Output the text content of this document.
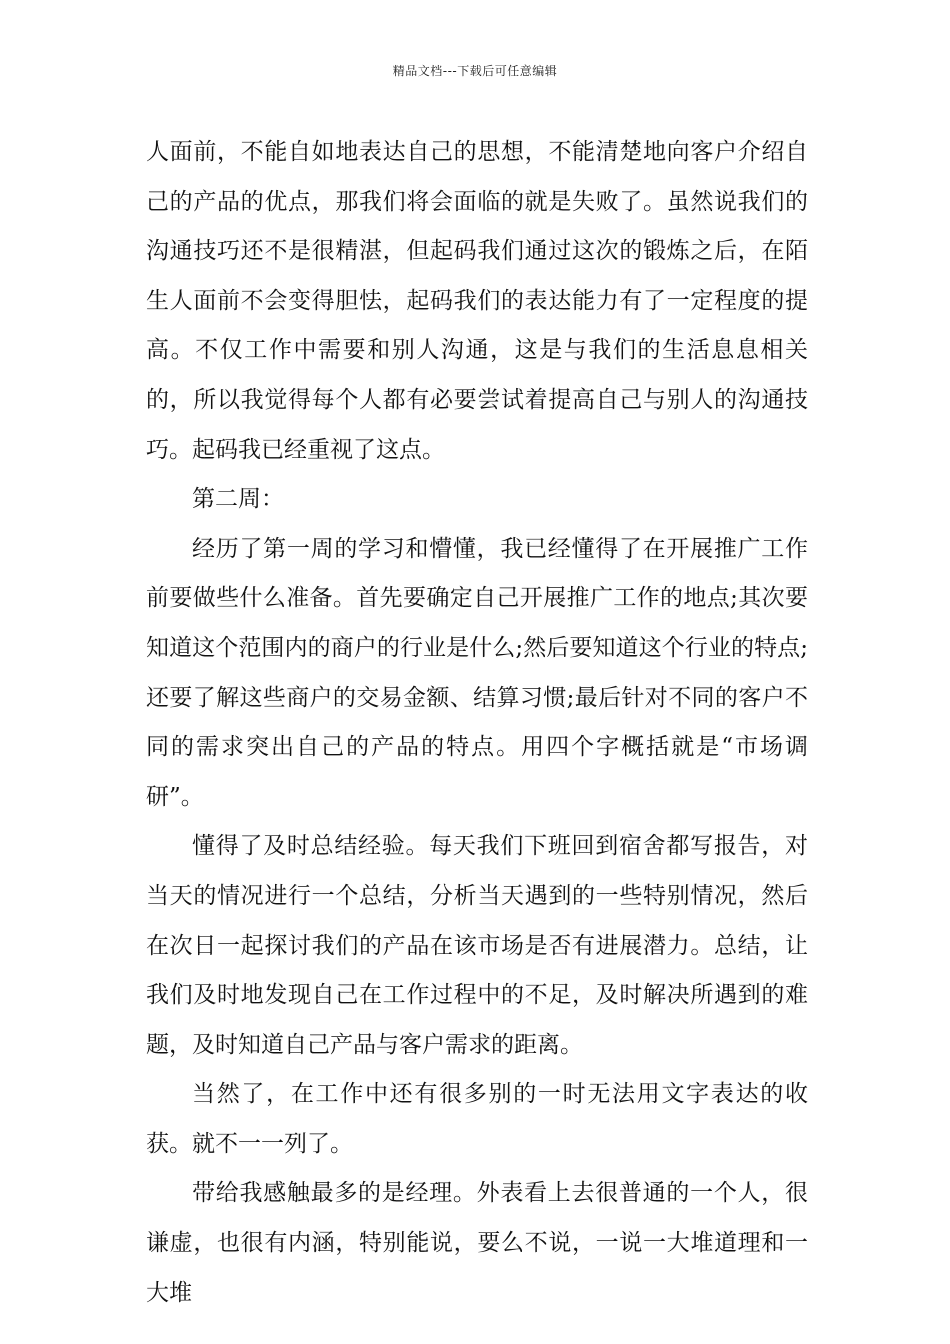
精品文档---下载后可任意编辑

人面前，不能自如地表达自己的思想，不能清楚地向客户介绍自己的产品的优点，那我们将会面临的就是失败了。虽然说我们的沟通技巧还不是很精湛，但起码我们通过这次的锻炼之后，在陌生人面前不会变得胆怯，起码我们的表达能力有了一定程度的提高。不仅工作中需要和别人沟通，这是与我们的生活息息相关的，所以我觉得每个人都有必要尝试着提高自己与别人的沟通技巧。起码我已经重视了这点。

第二周：

经历了第一周的学习和懵懂，我已经懂得了在开展推广工作前要做些什么准备。首先要确定自己开展推广工作的地点;其次要知道这个范围内的商户的行业是什么;然后要知道这个行业的特点;还要了解这些商户的交易金额、结算习惯;最后针对不同的客户不同的需求突出自己的产品的特点。用四个字概括就是“市场调研”。

懂得了及时总结经验。每天我们下班回到宿舍都写报告，对当天的情况进行一个总结，分析当天遇到的一些特别情况，然后在次日一起探讨我们的产品在该市场是否有进展潜力。总结，让我们及时地发现自己在工作过程中的不足，及时解决所遇到的难题，及时知道自己产品与客户需求的距离。

当然了，在工作中还有很多别的一时无法用文字表达的收获。就不一一列了。

带给我感触最多的是经理。外表看上去很普通的一个人，很谦虚，也很有内涵，特别能说，要么不说，一说一大堆道理和一大堆
